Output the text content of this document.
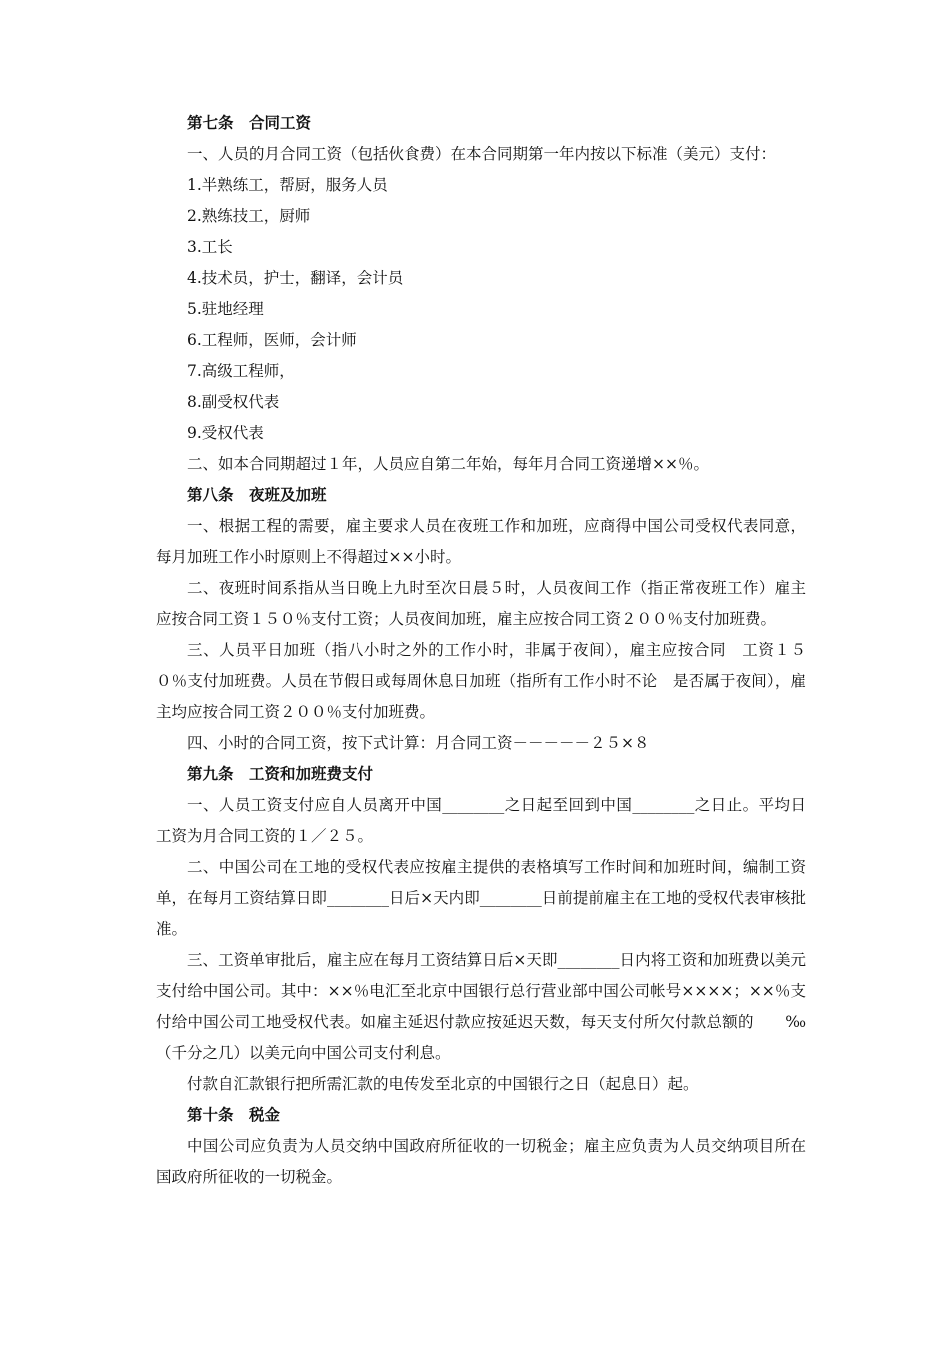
第七条　合同工资

一、人员的月合同工资（包括伙食费）在本合同期第一年内按以下标准（美元）支付：

1.半熟练工，帮厨，服务人员

2.熟练技工，厨师

3.工长

4.技术员，护士，翻译，会计员

5.驻地经理

6.工程师，医师，会计师

7.高级工程师，

8.副受权代表

9.受权代表

二、如本合同期超过１年，人员应自第二年始，每年月合同工资递增××％。

第八条　夜班及加班

一、根据工程的需要，雇主要求人员在夜班工作和加班，应商得中国公司受权代表同意，每月加班工作小时原则上不得超过××小时。

二、夜班时间系指从当日晚上九时至次日晨５时，人员夜间工作（指正常夜班工作）雇主应按合同工资１５０％支付工资；人员夜间加班，雇主应按合同工资２００％支付加班费。

三、人员平日加班（指八小时之外的工作小时，非属于夜间），雇主应按合同　工资１５０％支付加班费。人员在节假日或每周休息日加班（指所有工作小时不论　是否属于夜间），雇主均应按合同工资２００％支付加班费。

四、小时的合同工资，按下式计算：月合同工资－－－－－２５×８

第九条　工资和加班费支付

一、人员工资支付应自人员离开中国________之日起至回到中国________之日止。平均日工资为月合同工资的１／２５。

二、中国公司在工地的受权代表应按雇主提供的表格填写工作时间和加班时间，编制工资单，在每月工资结算日即________日后×天内即________日前提前雇主在工地的受权代表审核批准。

三、工资单审批后，雇主应在每月工资结算日后×天即________日内将工资和加班费以美元支付给中国公司。其中：××％电汇至北京中国银行总行营业部中国公司帐号××××；××％支付给中国公司工地受权代表。如雇主延迟付款应按延迟天数，每天支付所欠付款总额的　　‰（千分之几）以美元向中国公司支付利息。

付款自汇款银行把所需汇款的电传发至北京的中国银行之日（起息日）起。

第十条　税金

中国公司应负责为人员交纳中国政府所征收的一切税金；雇主应负责为人员交纳项目所在国政府所征收的一切税金。
